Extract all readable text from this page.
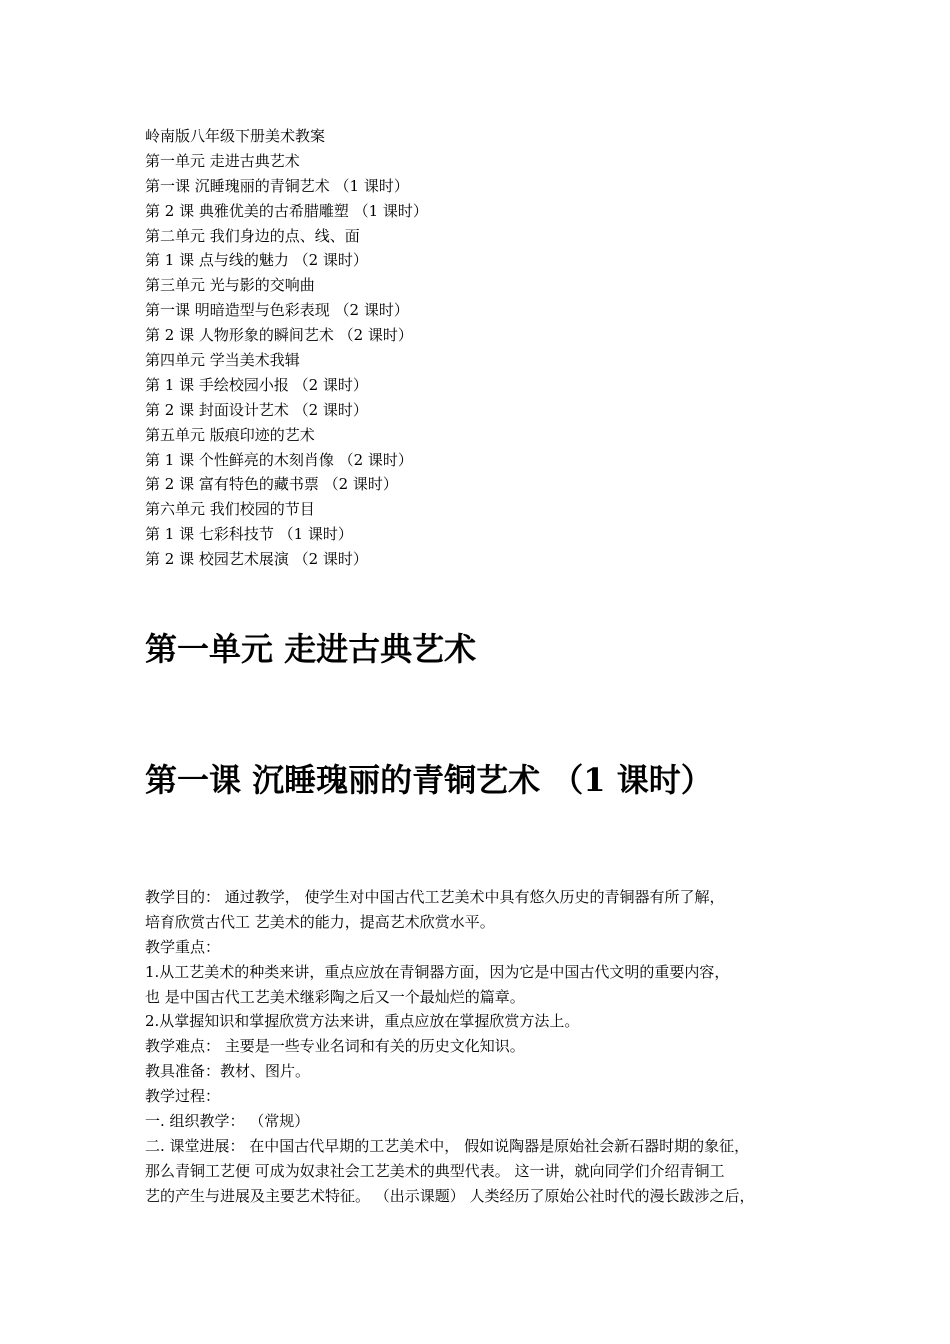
岭南版八年级下册美术教案
第一单元 走进古典艺术
第一课 沉睡瑰丽的青铜艺术 （1 课时）
第 2 课 典雅优美的古希腊雕塑 （1 课时）
第二单元 我们身边的点、线、面
第 1 课 点与线的魅力 （2 课时）
第三单元 光与影的交响曲
第一课 明暗造型与色彩表现 （2 课时）
第 2 课 人物形象的瞬间艺术 （2 课时）
第四单元 学当美术我辑
第 1 课 手绘校园小报 （2 课时）
第 2 课 封面设计艺术 （2 课时）
第五单元 版痕印迹的艺术
第 1 课 个性鲜亮的木刻肖像 （2 课时）
第 2 课 富有特色的藏书票 （2 课时）
第六单元 我们校园的节目
第 1 课 七彩科技节 （1 课时）
第 2 课 校园艺术展演 （2 课时）
第一单元 走进古典艺术
第一课 沉睡瑰丽的青铜艺术 （1 课时）
教学目的： 通过教学， 使学生对中国古代工艺美术中具有悠久历史的青铜器有所了解，
培育欣赏古代工 艺美术的能力，提高艺术欣赏水平。
教学重点：
1.从工艺美术的种类来讲，重点应放在青铜器方面，因为它是中国古代文明的重要内容，
也 是中国古代工艺美术继彩陶之后又一个最灿烂的篇章。
2.从掌握知识和掌握欣赏方法来讲，重点应放在掌握欣赏方法上。
教学难点： 主要是一些专业名词和有关的历史文化知识。
教具准备：教材、图片。
教学过程：
一. 组织教学： （常规）
二. 课堂进展： 在中国古代早期的工艺美术中， 假如说陶器是原始社会新石器时期的象征，
那么青铜工艺便 可成为奴隶社会工艺美术的典型代表。 这一讲，就向同学们介绍青铜工
艺的产生与进展及主要艺术特征。 （出示课题） 人类经历了原始公社时代的漫长跋涉之后，
